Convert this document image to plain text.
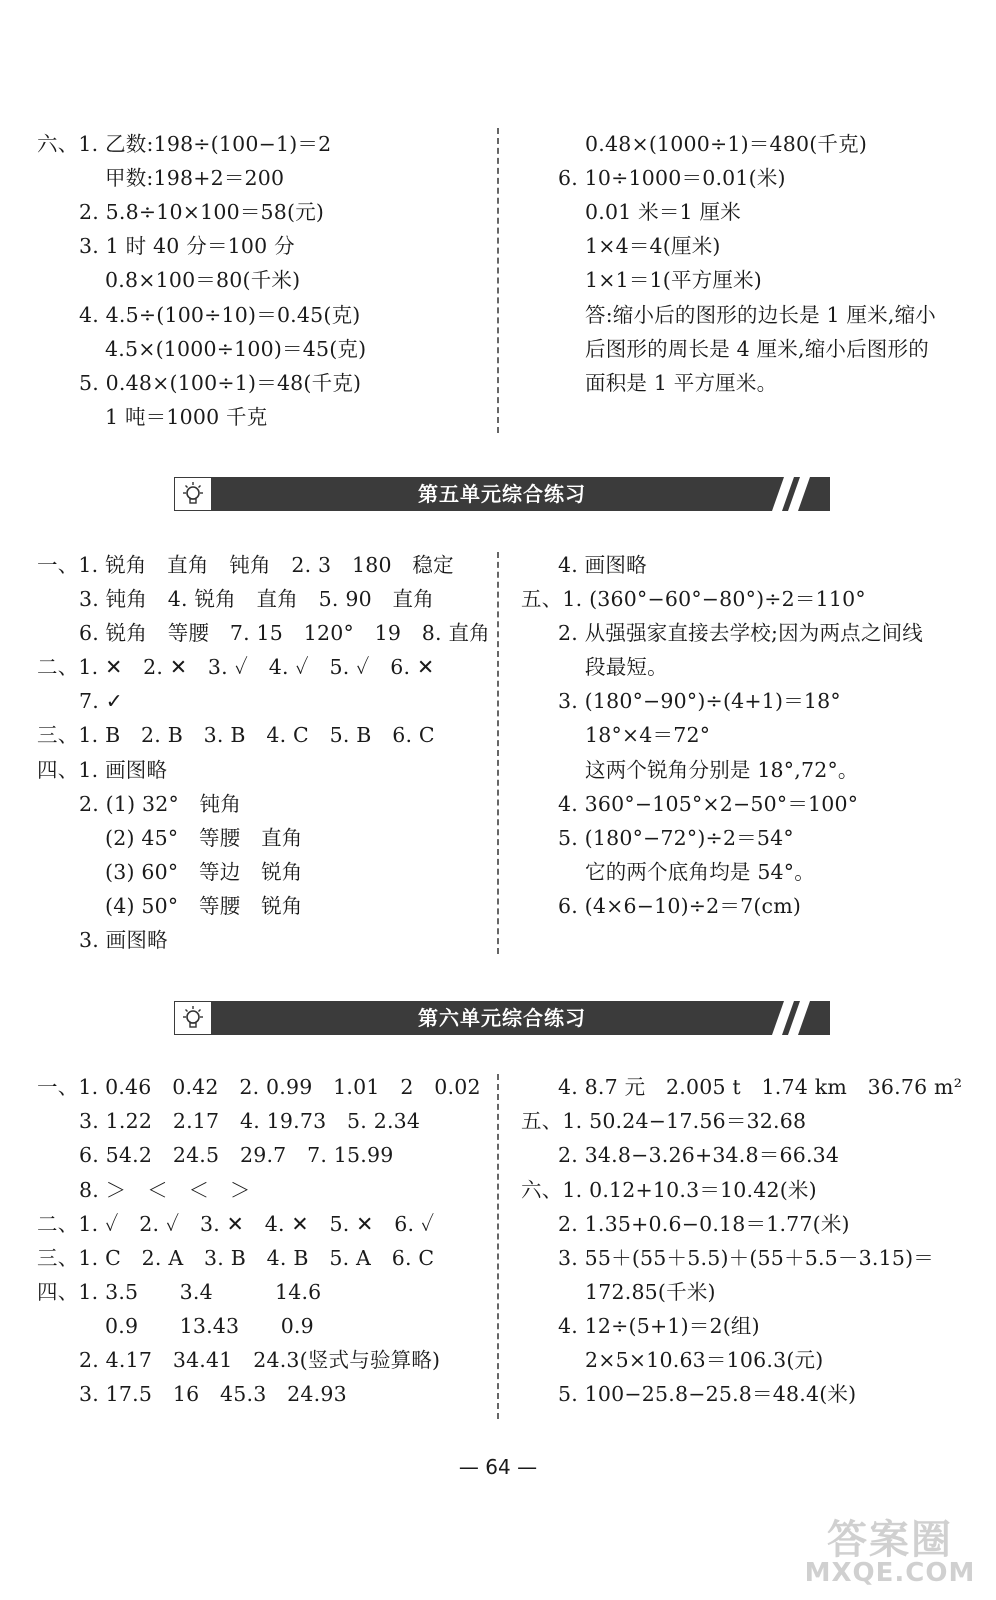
六、1. 乙数:198÷(100−1)＝2
甲数:198+2＝200
2. 5.8÷10×100＝58(元)
3. 1 时 40 分＝100 分
0.8×100＝80(千米)
4. 4.5÷(100÷10)＝0.45(克)
4.5×(1000÷100)＝45(克)
5. 0.48×(100÷1)＝48(千克)
1 吨＝1000 千克
0.48×(1000÷1)＝480(千克)
6. 10÷1000＝0.01(米)
0.01 米＝1 厘米
1×4＝4(厘米)
1×1＝1(平方厘米)
答:缩小后的图形的边长是 1 厘米,缩小
后图形的周长是 4 厘米,缩小后图形的
面积是 1 平方厘米。
第五单元综合练习
一、1. 锐角　直角　钝角　2. 3　180　稳定
3. 钝角　4. 锐角　直角　5. 90　直角
6. 锐角　等腰　7. 15　120°　19　8. 直角
二、1. ✕　2. ✕　3. ✓　4. ✓　5. ✓　6. ✕
7. ✓
三、1. B　2. B　3. B　4. C　5. B　6. C
四、1. 画图略
2. (1) 32°　钝角
(2) 45°　等腰　直角
(3) 60°　等边　锐角
(4) 50°　等腰　锐角
3. 画图略
4. 画图略
五、1. (360°−60°−80°)÷2＝110°
2. 从强强家直接去学校;因为两点之间线
段最短。
3. (180°−90°)÷(4+1)＝18°
18°×4＝72°
这两个锐角分别是 18°,72°。
4. 360°−105°×2−50°＝100°
5. (180°−72°)÷2＝54°
它的两个底角均是 54°。
6. (4×6−10)÷2＝7(cm)
第六单元综合练习
一、1. 0.46　0.42　2. 0.99　1.01　2　0.02
3. 1.22　2.17　4. 19.73　5. 2.34
6. 54.2　24.5　29.7　7. 15.99
8. ＞　＜　＜　＞
二、1. ✓　2. ✓　3. ✕　4. ✕　5. ✕　6. ✓
三、1. C　2. A　3. B　4. B　5. A　6. C
四、1. 3.5　　3.4　　　14.6
0.9　　13.43　　0.9
2. 4.17　34.41　24.3(竖式与验算略)
3. 17.5　16　45.3　24.93
4. 8.7 元　2.005 t　1.74 km　36.76 m²
五、1. 50.24−17.56＝32.68
2. 34.8−3.26+34.8＝66.34
六、1. 0.12+10.3＝10.42(米)
2. 1.35+0.6−0.18＝1.77(米)
3. 55＋(55＋5.5)＋(55＋5.5－3.15)＝
172.85(千米)
4. 12÷(5+1)＝2(组)
2×5×10.63＝106.3(元)
5. 100−25.8−25.8＝48.4(米)
— 64 —
答案圈
MXQE.COM
